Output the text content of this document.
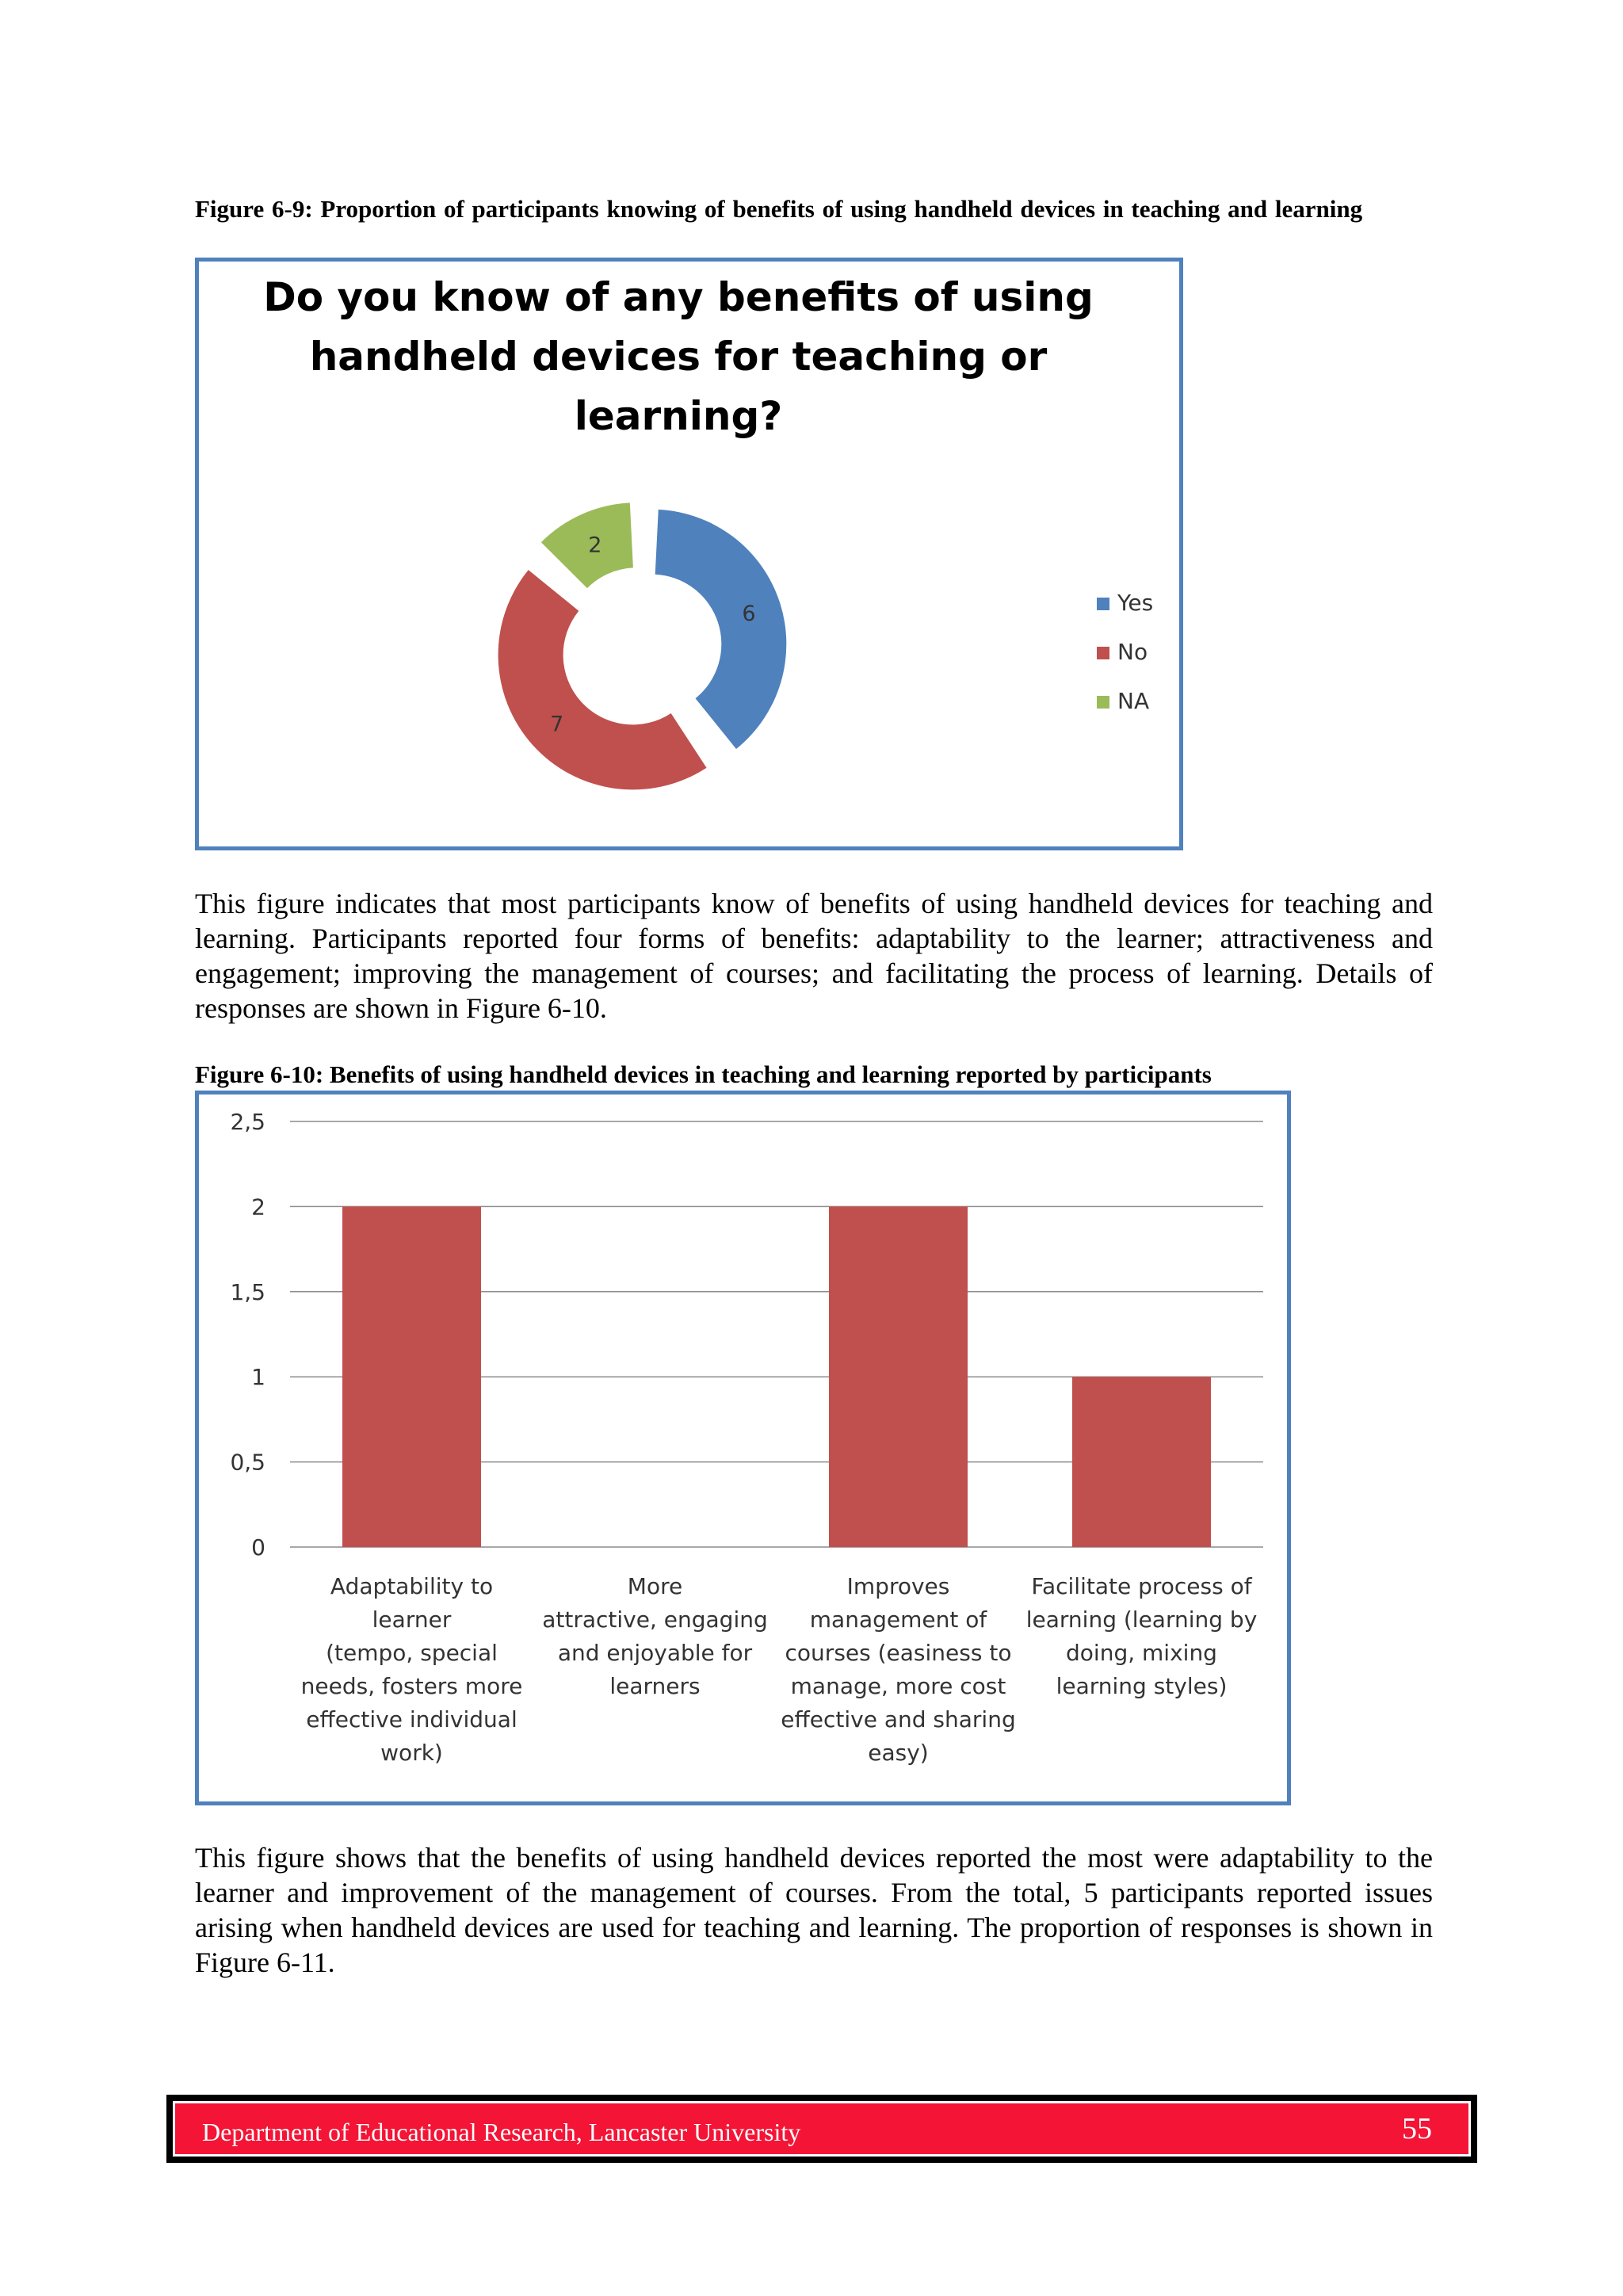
Figure 6-9: Proportion of participants knowing of benefits of using handheld devices in teaching and learning

Do you know of any benefits of using
handheld devices for teaching or
learning?
6
7
2
Yes
No
NA

This figure indicates that most participants know of benefits of using handheld devices for teaching and learning. Participants reported four forms of benefits: adaptability to the learner; attractiveness and engagement; improving the management of courses; and facilitating the process of learning. Details of responses are shown in Figure 6-10.

Figure 6-10: Benefits of using handheld devices in teaching and learning reported by participants

0
0,5
1
1,5
2
2,5
Adaptability to learner (tempo, special needs, fosters more effective individual work)
More attractive, engaging and enjoyable for learners
Improves management of courses (easiness to manage, more cost effective and sharing easy)
Facilitate process of learning (learning by doing, mixing learning styles)

This figure shows that the benefits of using handheld devices reported the most were adaptability to the learner and improvement of the management of courses. From the total, 5 participants reported issues arising when handheld devices are used for teaching and learning. The proportion of responses is shown in Figure 6-11.

Department of Educational Research, Lancaster University	55
